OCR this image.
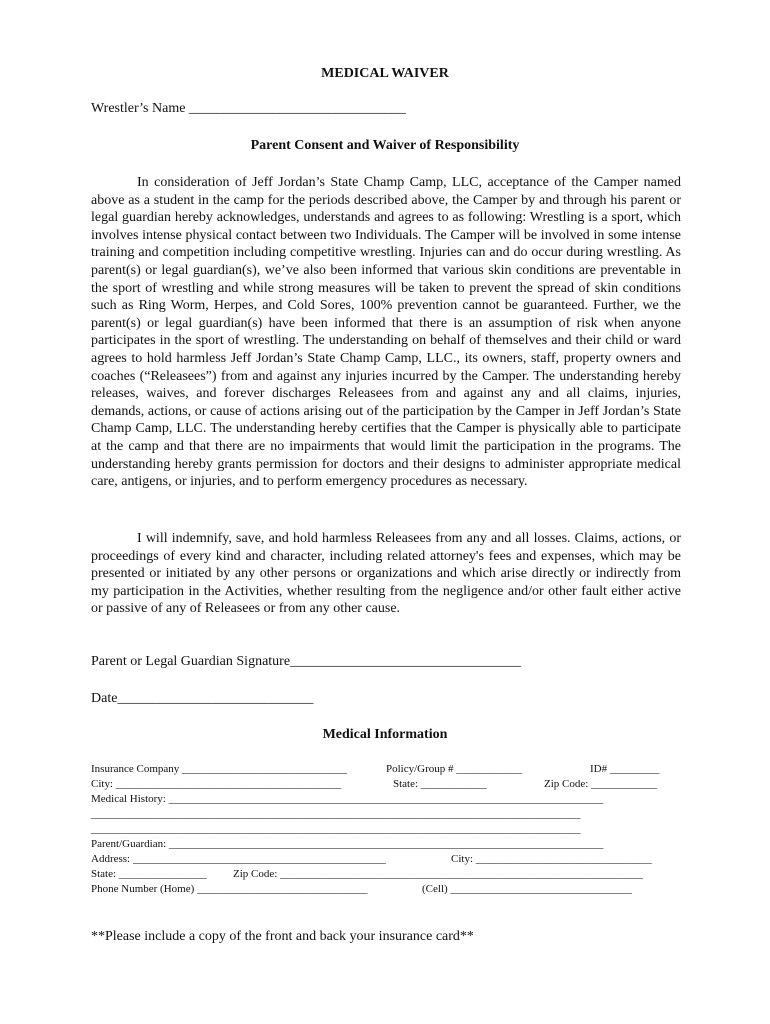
MEDICAL WAIVER
Wrestler’s Name _______________________________
Parent Consent and Waiver of Responsibility
In consideration of Jeff Jordan’s State Champ Camp, LLC, acceptance of the Camper named above as a student in the camp for the periods described above, the Camper by and through his parent or legal guardian hereby acknowledges, understands and agrees to as following: Wrestling is a sport, which involves intense physical contact between two Individuals. The Camper will be involved in some intense training and competition including competitive wrestling. Injuries can and do occur during wrestling. As parent(s) or legal guardian(s), we’ve also been informed that various skin conditions are preventable in the sport of wrestling and while strong measures will be taken to prevent the spread of skin conditions such as Ring Worm, Herpes, and Cold Sores, 100% prevention cannot be guaranteed. Further, we the parent(s) or legal guardian(s) have been informed that there is an assumption of risk when anyone participates in the sport of wrestling. The understanding on behalf of themselves and their child or ward agrees to hold harmless Jeff Jordan’s State Champ Camp, LLC., its owners, staff, property owners and coaches (“Releasees”) from and against any injuries incurred by the Camper. The understanding hereby releases, waives, and forever discharges Releasees from and against any and all claims, injuries, demands, actions, or cause of actions arising out of the participation by the Camper in Jeff Jordan’s State Champ Camp, LLC. The understanding hereby certifies that the Camper is physically able to participate at the camp and that there are no impairments that would limit the participation in the programs. The understanding hereby grants permission for doctors and their designs to administer appropriate medical care, antigens, or injuries, and to perform emergency procedures as necessary.
I will indemnify, save, and hold harmless Releasees from any and all losses. Claims, actions, or proceedings of every kind and character, including related attorney's fees and expenses, which may be presented or initiated by any other persons or organizations and which arise directly or indirectly from my participation in the Activities, whether resulting from the negligence and/or other fault either active or passive of any of Releasees or from any other cause.
Parent or Legal Guardian Signature_________________________________
Date____________________________
Medical Information
Insurance Company ______________________________	Policy/Group # ____________	ID# _________
City: _________________________________________	State: ____________	Zip Code: ____________
Medical History: _______________________________________________________________________________
_________________________________________________________________________________________
_________________________________________________________________________________________
Parent/Guardian: _______________________________________________________________________________
Address: ______________________________________________	City: ________________________________
State: ________________ Zip Code: __________________________________________________________________
Phone Number (Home) _______________________________	(Cell) _________________________________
**Please include a copy of the front and back your insurance card**
